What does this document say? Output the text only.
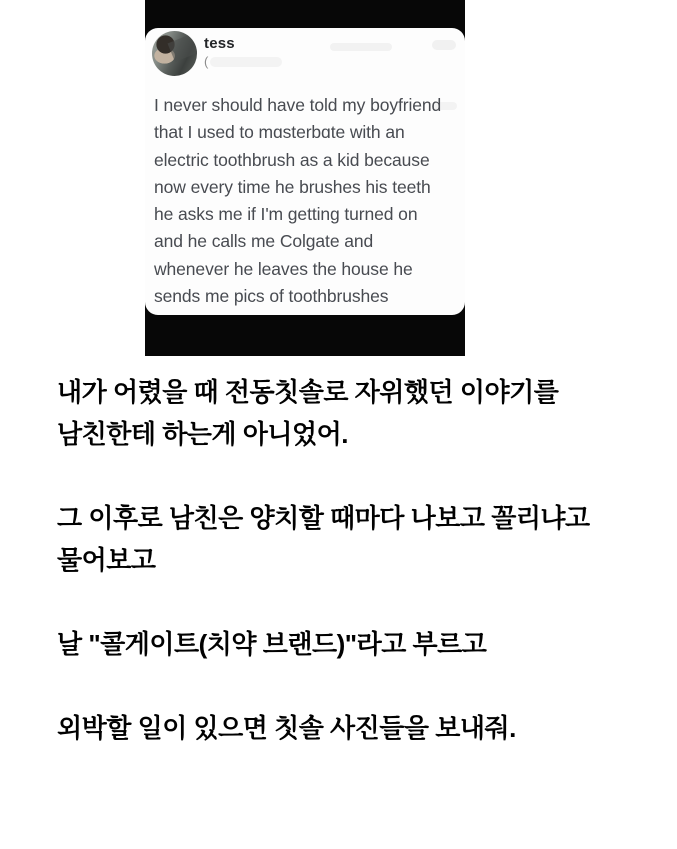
tess
(
I never should have told my boyfriend
that I used to mɑsterbɑte with an
electric toothbrush as a kid because
now every time he brushes his teeth
he asks me if I'm getting turned on
and he calls me Colgate and
whenever he leaves the house he
sends me pics of toothbrushes
내가 어렸을 때 전동칫솔로 자위했던 이야기를
남친한테 하는게 아니었어.
그 이후로 남친은 양치할 때마다 나보고 꼴리냐고
물어보고
날 "콜게이트(치약 브랜드)"라고 부르고
외박할 일이 있으면 칫솔 사진들을 보내줘.
